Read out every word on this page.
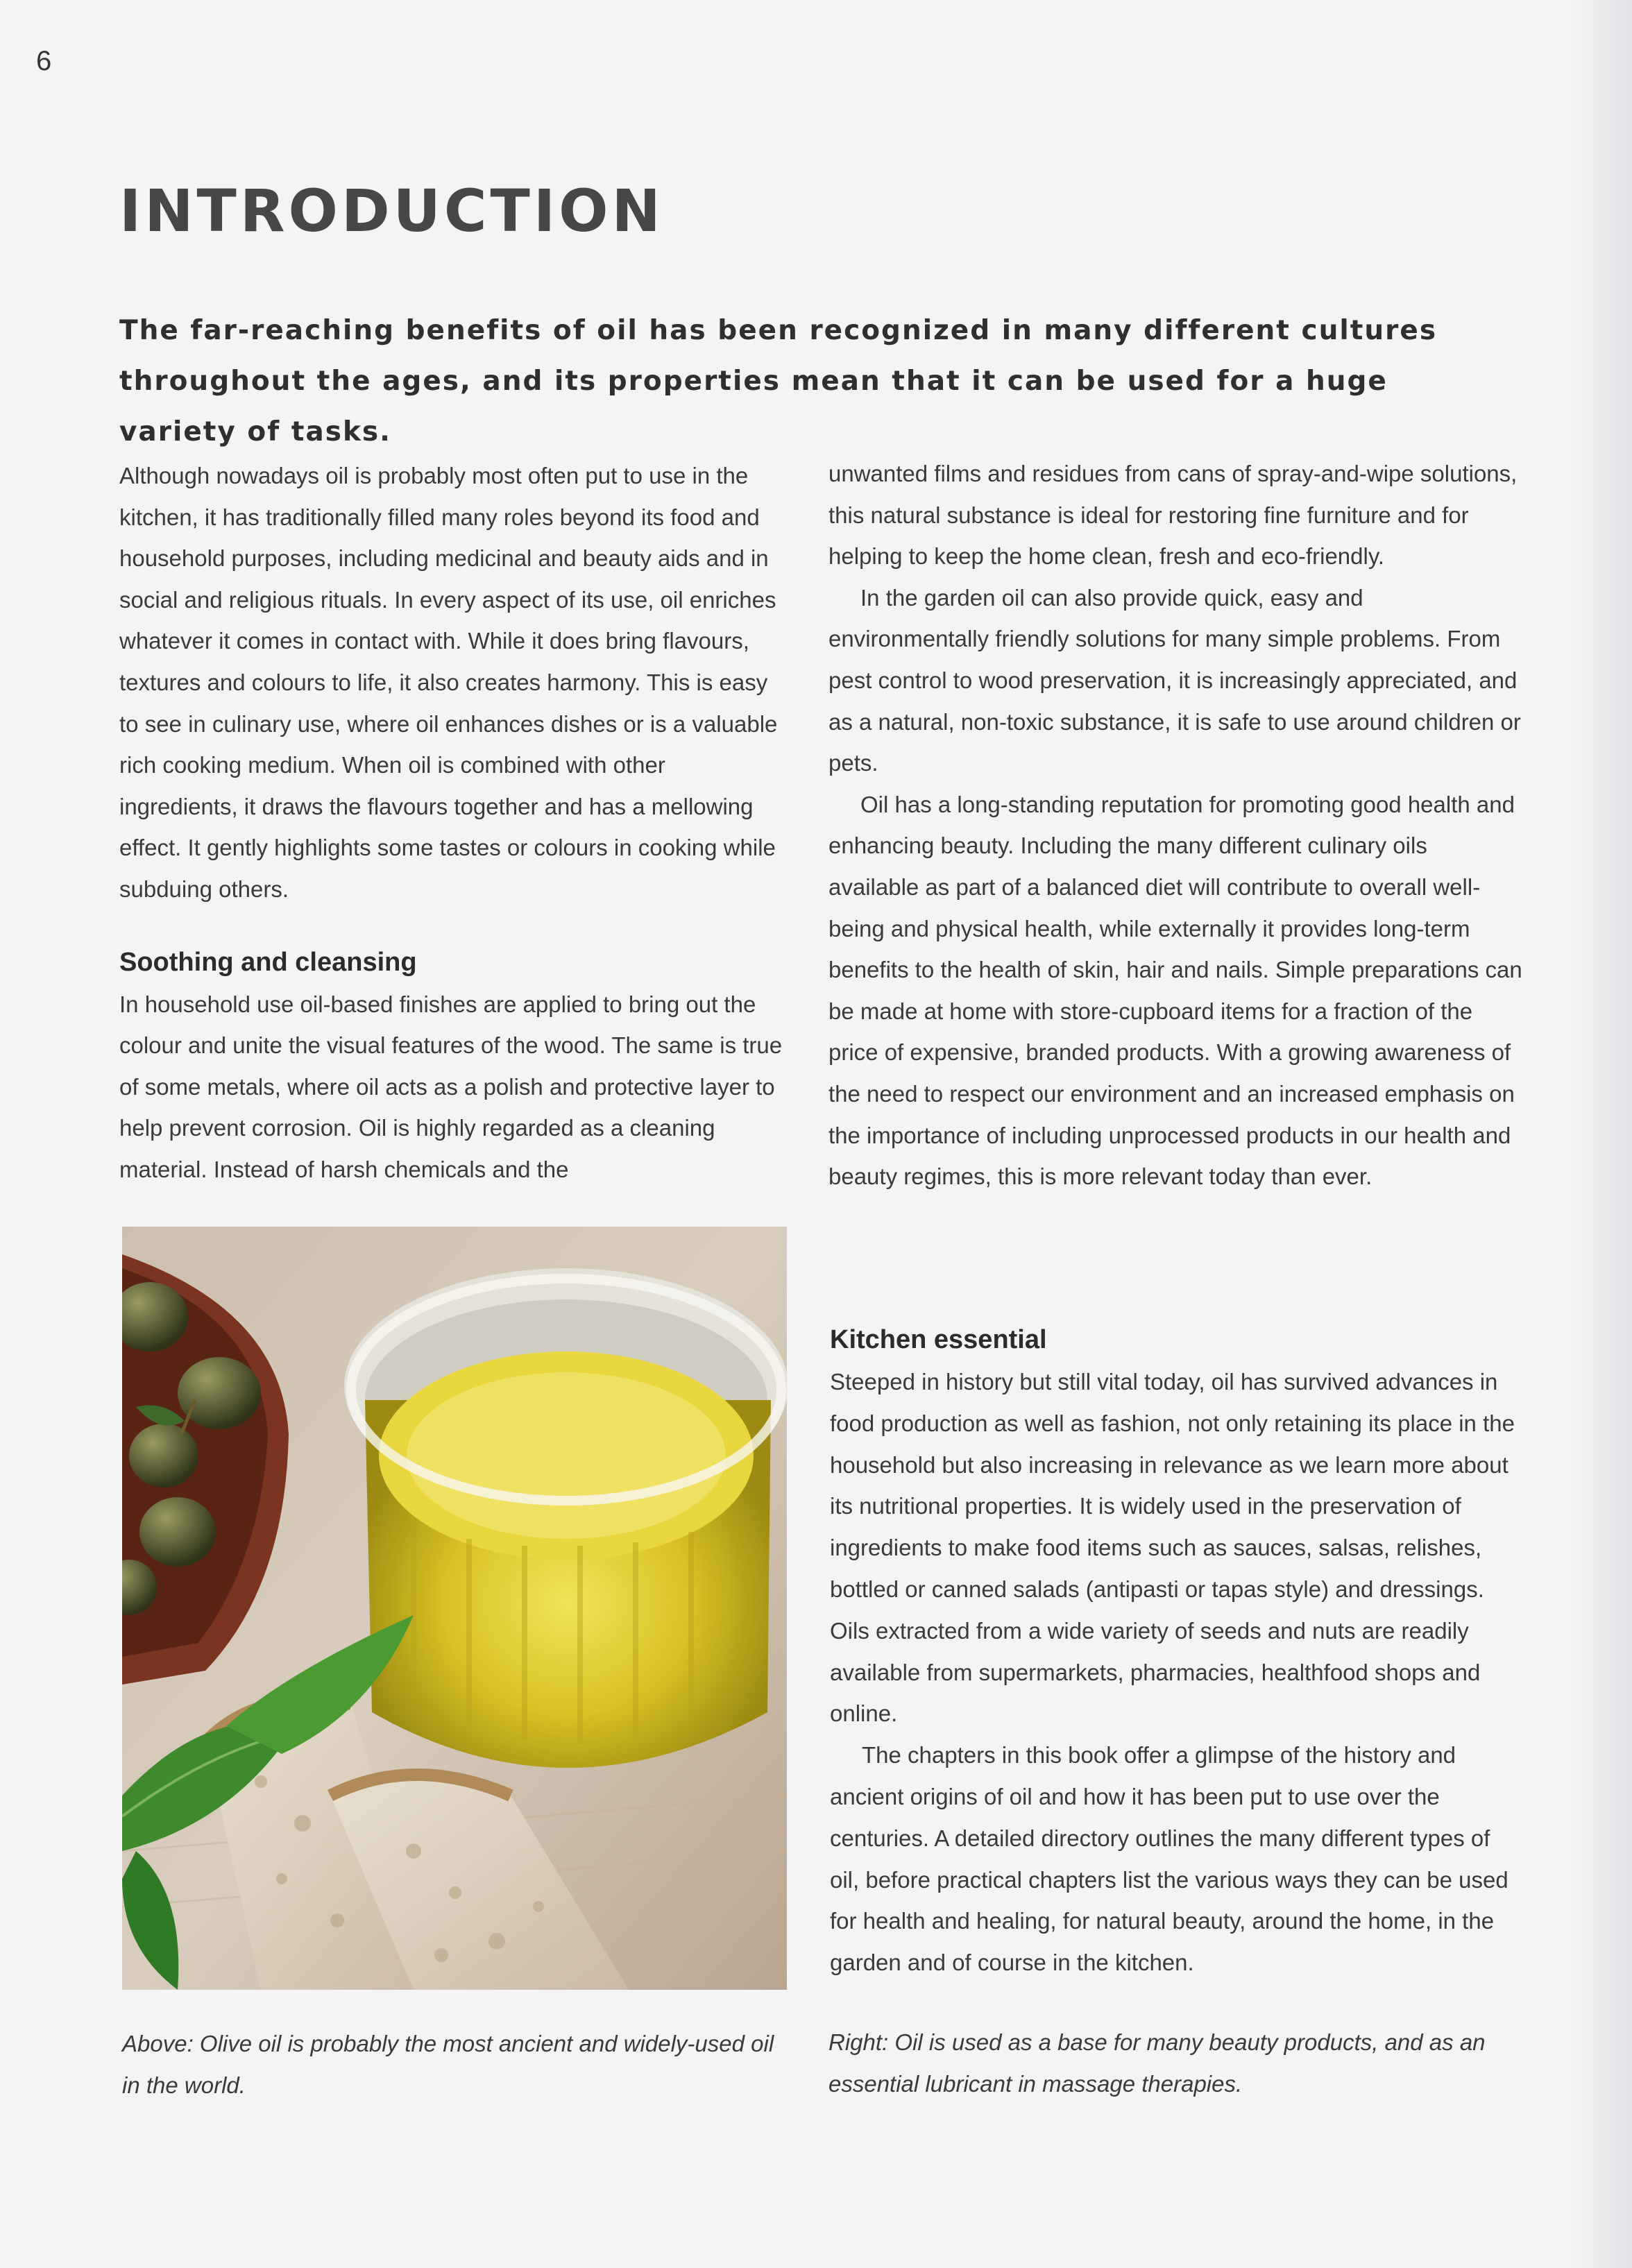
6
INTRODUCTION

The far-reaching benefits of oil has been recognized in many different cultures throughout the ages, and its properties mean that it can be used for a huge variety of tasks.

Although nowadays oil is probably most often put to use in the kitchen, it has traditionally filled many roles beyond its food and household purposes, including medicinal and beauty aids and in social and religious rituals. In every aspect of its use, oil enriches whatever it comes in contact with. While it does bring flavours, textures and colours to life, it also creates harmony. This is easy to see in culinary use, where oil enhances dishes or is a valuable rich cooking medium. When oil is combined with other ingredients, it draws the flavours together and has a mellowing effect. It gently highlights some tastes or colours in cooking while subduing others.

Soothing and cleansing

In household use oil-based finishes are applied to bring out the colour and unite the visual features of the wood. The same is true of some metals, where oil acts as a polish and protective layer to help prevent corrosion. Oil is highly regarded as a cleaning material. Instead of harsh chemicals and the

unwanted films and residues from cans of spray-and-wipe solutions, this natural substance is ideal for restoring fine furniture and for helping to keep the home clean, fresh and eco-friendly.

In the garden oil can also provide quick, easy and environmentally friendly solutions for many simple problems. From pest control to wood preservation, it is increasingly appreciated, and as a natural, non-toxic substance, it is safe to use around children or pets.

Oil has a long-standing reputation for promoting good health and enhancing beauty. Including the many different culinary oils available as part of a balanced diet will contribute to overall well-being and physical health, while externally it provides long-term benefits to the health of skin, hair and nails. Simple preparations can be made at home with store-cupboard items for a fraction of the price of expensive, branded products. With a growing awareness of the need to respect our environment and an increased emphasis on the importance of including unprocessed products in our health and beauty regimes, this is more relevant today than ever.

Kitchen essential

Steeped in history but still vital today, oil has survived advances in food production as well as fashion, not only retaining its place in the household but also increasing in relevance as we learn more about its nutritional properties. It is widely used in the preservation of ingredients to make food items such as sauces, salsas, relishes, bottled or canned salads (antipasti or tapas style) and dressings. Oils extracted from a wide variety of seeds and nuts are readily available from supermarkets, pharmacies, healthfood shops and online.

The chapters in this book offer a glimpse of the history and ancient origins of oil and how it has been put to use over the centuries. A detailed directory outlines the many different types of oil, before practical chapters list the various ways they can be used for health and healing, for natural beauty, around the home, in the garden and of course in the kitchen.

Above: Olive oil is probably the most ancient and widely-used oil in the world.

Right: Oil is used as a base for many beauty products, and as an essential lubricant in massage therapies.
